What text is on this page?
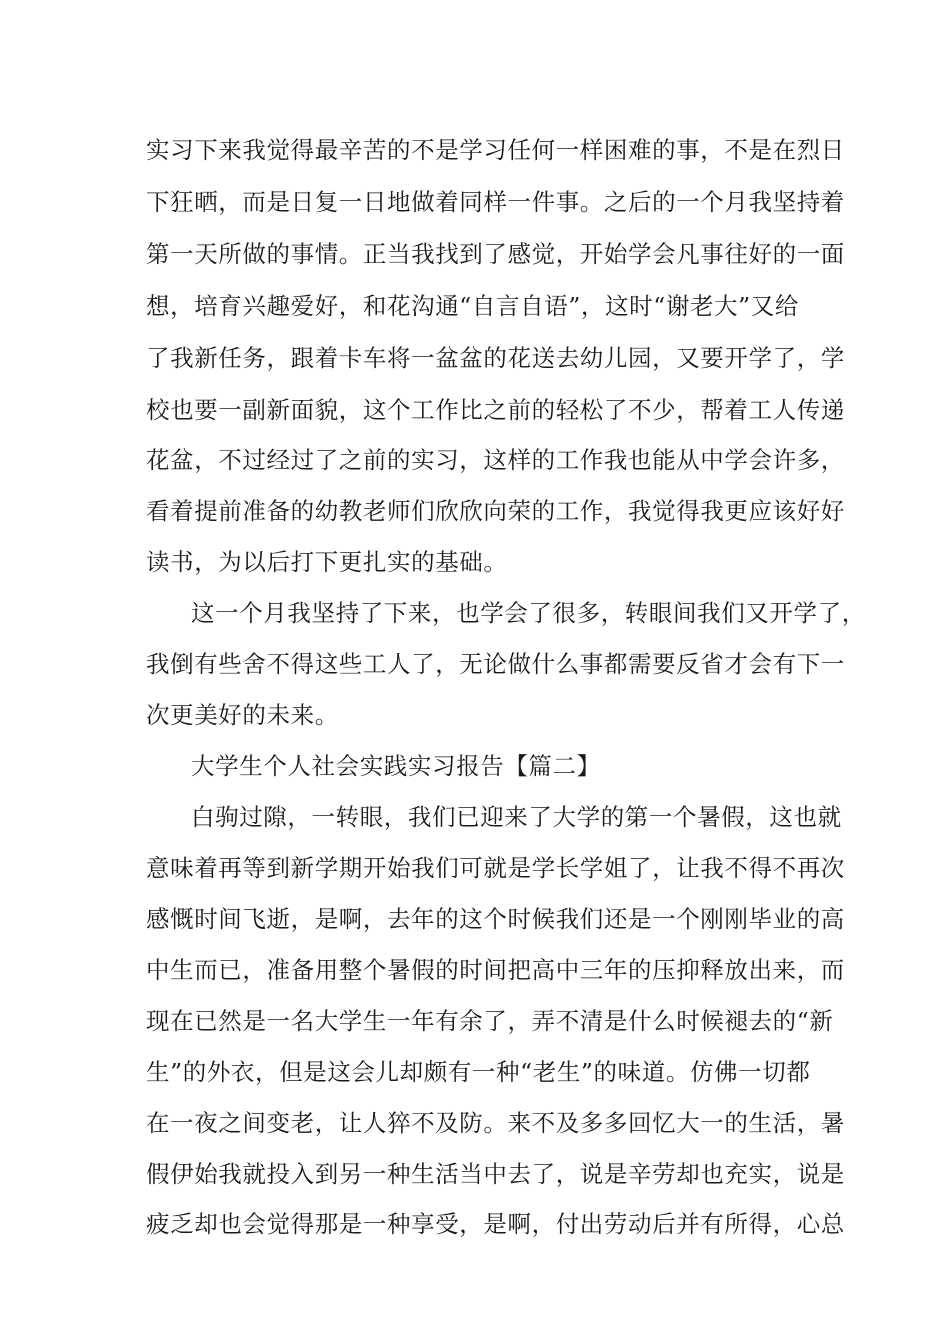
实习下来我觉得最辛苦的不是学习任何一样困难的事，不是在烈日
下狂晒，而是日复一日地做着同样一件事。之后的一个月我坚持着
第一天所做的事情。正当我找到了感觉，开始学会凡事往好的一面
想，培育兴趣爱好，和花沟通“自言自语”，这时“谢老大”又给
了我新任务，跟着卡车将一盆盆的花送去幼儿园，又要开学了，学
校也要一副新面貌，这个工作比之前的轻松了不少，帮着工人传递
花盆，不过经过了之前的实习，这样的工作我也能从中学会许多，
看着提前准备的幼教老师们欣欣向荣的工作，我觉得我更应该好好
读书，为以后打下更扎实的基础。
这一个月我坚持了下来，也学会了很多，转眼间我们又开学了，
我倒有些舍不得这些工人了，无论做什么事都需要反省才会有下一
次更美好的未来。
大学生个人社会实践实习报告【篇二】
白驹过隙，一转眼，我们已迎来了大学的第一个暑假，这也就
意味着再等到新学期开始我们可就是学长学姐了，让我不得不再次
感慨时间飞逝，是啊，去年的这个时候我们还是一个刚刚毕业的高
中生而已，准备用整个暑假的时间把高中三年的压抑释放出来，而
现在已然是一名大学生一年有余了，弄不清是什么时候褪去的“新
生”的外衣，但是这会儿却颇有一种“老生”的味道。仿佛一切都
在一夜之间变老，让人猝不及防。来不及多多回忆大一的生活，暑
假伊始我就投入到另一种生活当中去了，说是辛劳却也充实，说是
疲乏却也会觉得那是一种享受，是啊，付出劳动后并有所得，心总
